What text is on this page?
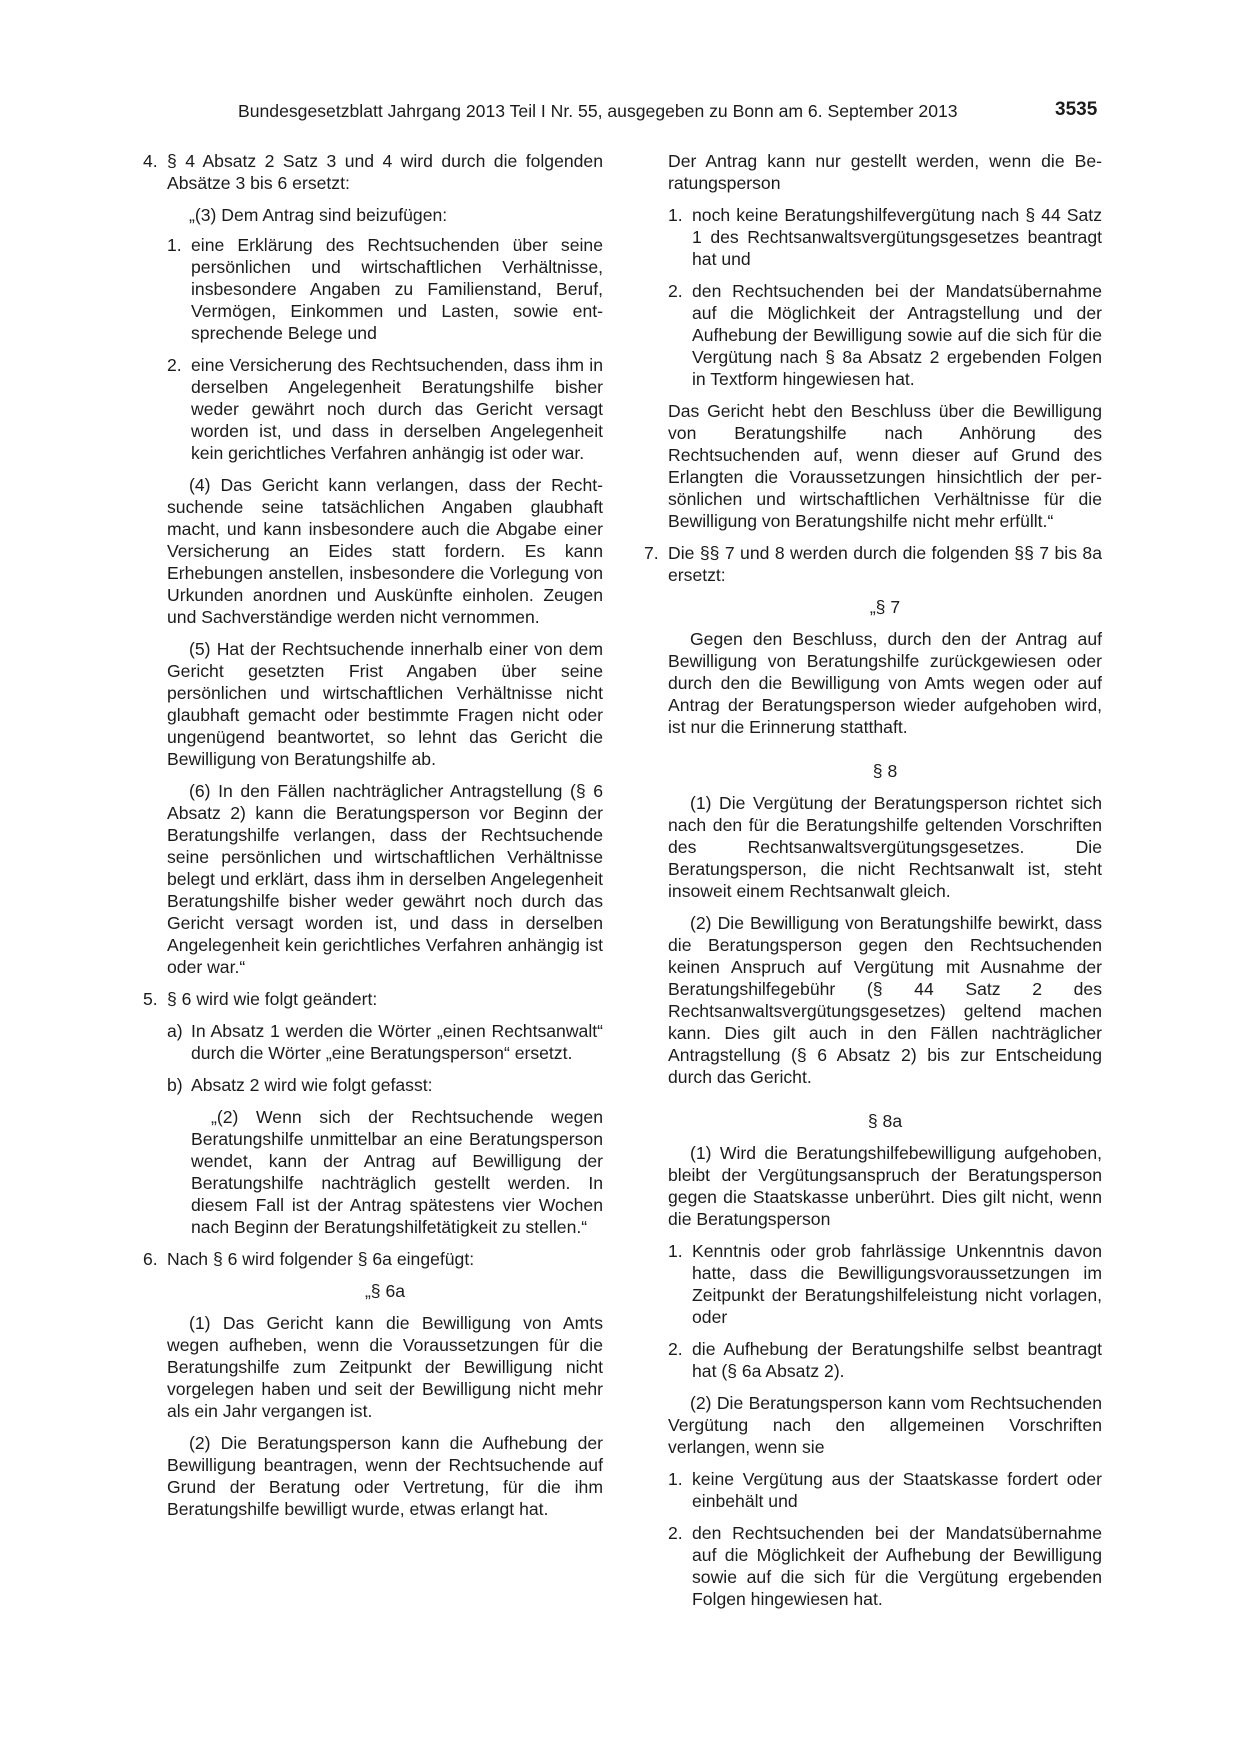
Bundesgesetzblatt Jahrgang 2013 Teil I Nr. 55, ausgegeben zu Bonn am 6. September 2013	3535
4. § 4 Absatz 2 Satz 3 und 4 wird durch die folgenden Absätze 3 bis 6 ersetzt:

„(3) Dem Antrag sind beizufügen:

1. eine Erklärung des Rechtsuchenden über seine persönlichen und wirtschaftlichen Verhältnisse, insbesondere Angaben zu Familienstand, Beruf, Vermögen, Einkommen und Lasten, sowie entsprechende Belege und
2. eine Versicherung des Rechtsuchenden, dass ihm in derselben Angelegenheit Beratungshilfe bisher weder gewährt noch durch das Gericht versagt worden ist, und dass in derselben Angelegenheit kein gerichtliches Verfahren anhängig ist oder war.

(4) Das Gericht kann verlangen, dass der Rechtsuchende seine tatsächlichen Angaben glaubhaft macht, und kann insbesondere auch die Abgabe einer Versicherung an Eides statt fordern. Es kann Erhebungen anstellen, insbesondere die Vorlegung von Urkunden anordnen und Auskünfte einholen. Zeugen und Sachverständige werden nicht vernommen.

(5) Hat der Rechtsuchende innerhalb einer von dem Gericht gesetzten Frist Angaben über seine persönlichen und wirtschaftlichen Verhältnisse nicht glaubhaft gemacht oder bestimmte Fragen nicht oder ungenügend beantwortet, so lehnt das Gericht die Bewilligung von Beratungshilfe ab.

(6) In den Fällen nachträglicher Antragstellung (§ 6 Absatz 2) kann die Beratungsperson vor Beginn der Beratungshilfe verlangen, dass der Rechtsuchende seine persönlichen und wirtschaftlichen Verhältnisse belegt und erklärt, dass ihm in derselben Angelegenheit Beratungshilfe bisher weder gewährt noch durch das Gericht versagt worden ist, und dass in derselben Angelegenheit kein gerichtliches Verfahren anhängig ist oder war.“

5. § 6 wird wie folgt geändert:
a) In Absatz 1 werden die Wörter „einen Rechtsanwalt“ durch die Wörter „eine Beratungsperson“ ersetzt.
b) Absatz 2 wird wie folgt gefasst:

„(2) Wenn sich der Rechtsuchende wegen Beratungshilfe unmittelbar an eine Beratungsperson wendet, kann der Antrag auf Bewilligung der Beratungshilfe nachträglich gestellt werden. In diesem Fall ist der Antrag spätestens vier Wochen nach Beginn der Beratungshilfetätigkeit zu stellen.“

6. Nach § 6 wird folgender § 6a eingefügt:

„§ 6a

(1) Das Gericht kann die Bewilligung von Amts wegen aufheben, wenn die Voraussetzungen für die Beratungshilfe zum Zeitpunkt der Bewilligung nicht vorgelegen haben und seit der Bewilligung nicht mehr als ein Jahr vergangen ist.

(2) Die Beratungsperson kann die Aufhebung der Bewilligung beantragen, wenn der Rechtsuchende auf Grund der Beratung oder Vertretung, für die ihm Beratungshilfe bewilligt wurde, etwas erlangt hat.

Der Antrag kann nur gestellt werden, wenn die Beratungsperson

1. noch keine Beratungshilfevergütung nach § 44 Satz 1 des Rechtsanwaltsvergütungsgesetzes beantragt hat und
2. den Rechtsuchenden bei der Mandatsübernahme auf die Möglichkeit der Antragstellung und der Aufhebung der Bewilligung sowie auf die sich für die Vergütung nach § 8a Absatz 2 ergebenden Folgen in Textform hingewiesen hat.

Das Gericht hebt den Beschluss über die Bewilligung von Beratungshilfe nach Anhörung des Rechtsuchenden auf, wenn dieser auf Grund des Erlangten die Voraussetzungen hinsichtlich der persönlichen und wirtschaftlichen Verhältnisse für die Bewilligung von Beratungshilfe nicht mehr erfüllt.“

7. Die §§ 7 und 8 werden durch die folgenden §§ 7 bis 8a ersetzt:

„§ 7

Gegen den Beschluss, durch den der Antrag auf Bewilligung von Beratungshilfe zurückgewiesen oder durch den die Bewilligung von Amts wegen oder auf Antrag der Beratungsperson wieder aufgehoben wird, ist nur die Erinnerung statthaft.

§ 8

(1) Die Vergütung der Beratungsperson richtet sich nach den für die Beratungshilfe geltenden Vorschriften des Rechtsanwaltsvergütungsgesetzes. Die Beratungsperson, die nicht Rechtsanwalt ist, steht insoweit einem Rechtsanwalt gleich.

(2) Die Bewilligung von Beratungshilfe bewirkt, dass die Beratungsperson gegen den Rechtsuchenden keinen Anspruch auf Vergütung mit Ausnahme der Beratungshilfegebühr (§ 44 Satz 2 des Rechtsanwaltsvergütungsgesetzes) geltend machen kann. Dies gilt auch in den Fällen nachträglicher Antragstellung (§ 6 Absatz 2) bis zur Entscheidung durch das Gericht.

§ 8a

(1) Wird die Beratungshilfebewilligung aufgehoben, bleibt der Vergütungsanspruch der Beratungsperson gegen die Staatskasse unberührt. Dies gilt nicht, wenn die Beratungsperson

1. Kenntnis oder grob fahrlässige Unkenntnis davon hatte, dass die Bewilligungsvoraussetzungen im Zeitpunkt der Beratungshilfeleistung nicht vorlagen, oder
2. die Aufhebung der Beratungshilfe selbst beantragt hat (§ 6a Absatz 2).

(2) Die Beratungsperson kann vom Rechtsuchenden Vergütung nach den allgemeinen Vorschriften verlangen, wenn sie

1. keine Vergütung aus der Staatskasse fordert oder einbehält und
2. den Rechtsuchenden bei der Mandatsübernahme auf die Möglichkeit der Aufhebung der Bewilligung sowie auf die sich für die Vergütung ergebenden Folgen hingewiesen hat.
